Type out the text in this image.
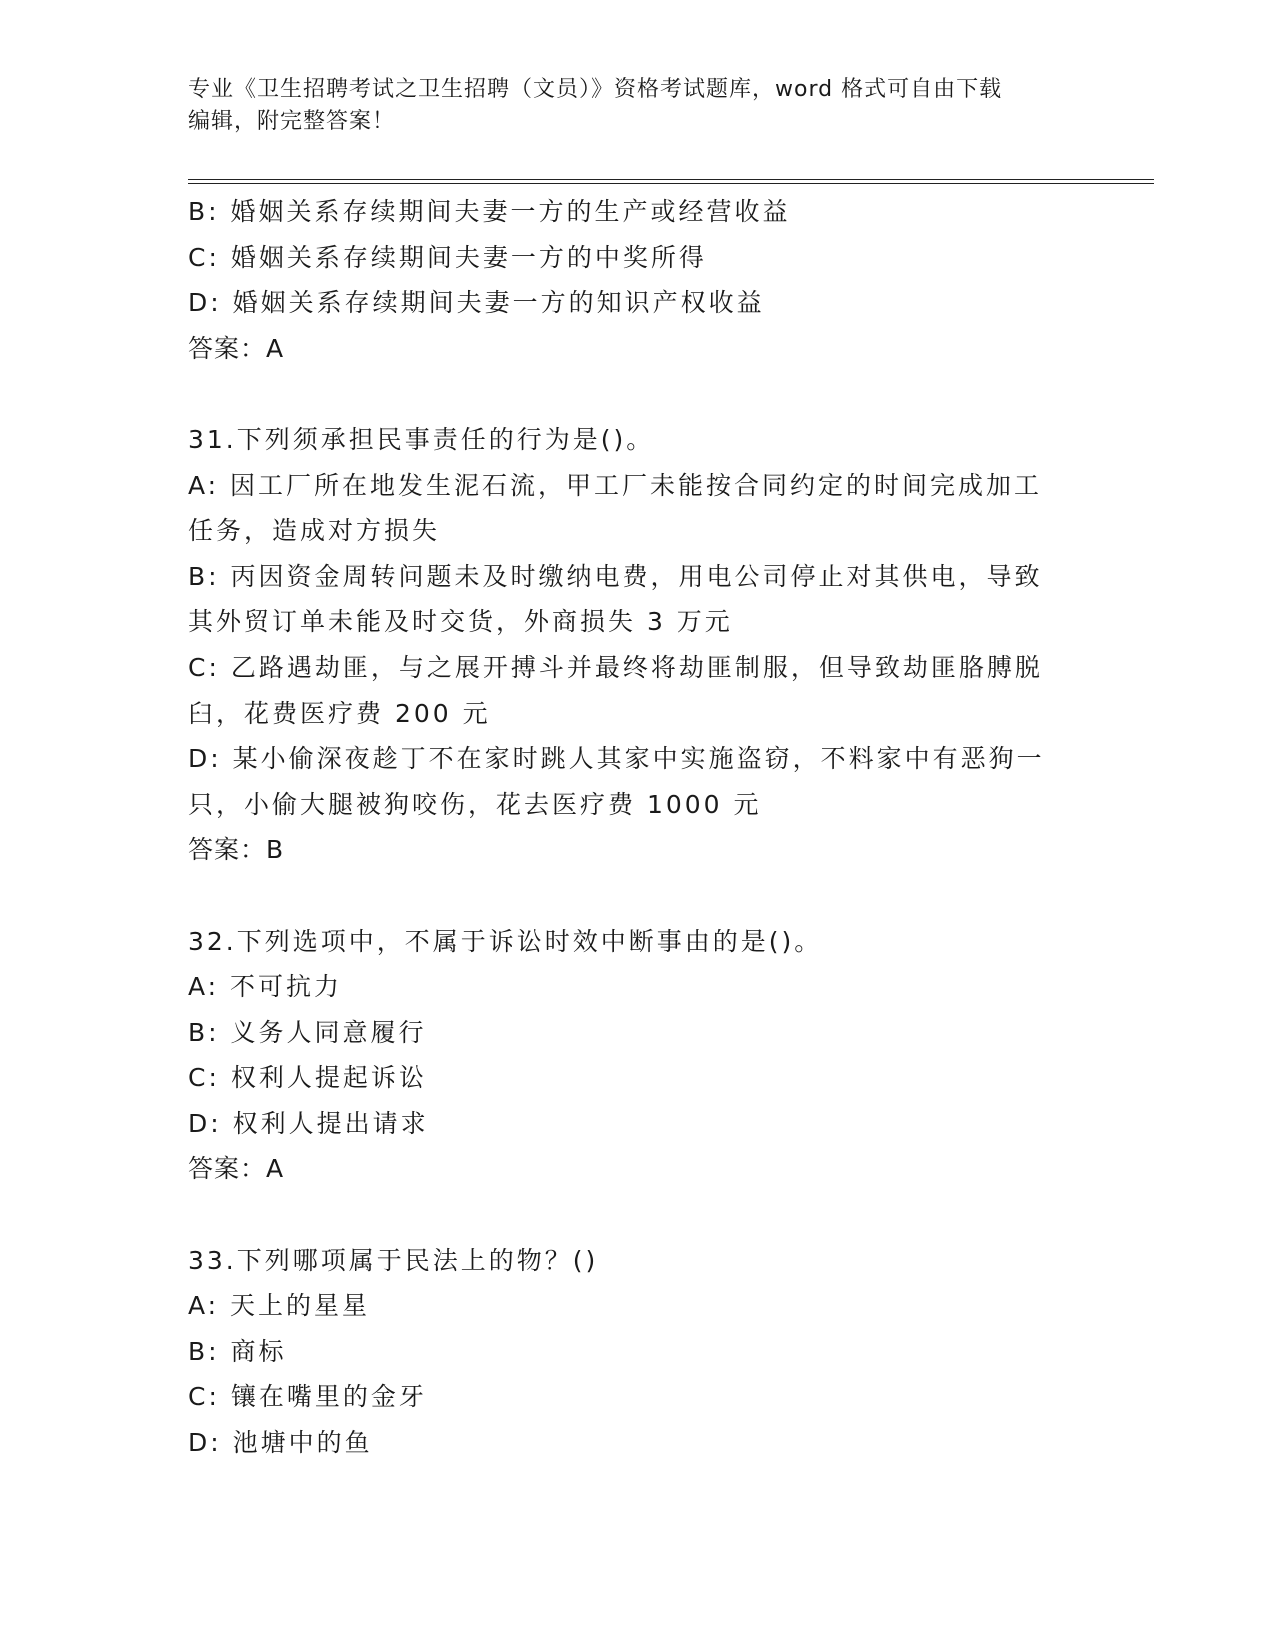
专业《卫生招聘考试之卫生招聘（文员）》资格考试题库，word 格式可自由下载
编辑，附完整答案！
B: 婚姻关系存续期间夫妻一方的生产或经营收益
C: 婚姻关系存续期间夫妻一方的中奖所得
D: 婚姻关系存续期间夫妻一方的知识产权收益
答案：A
31.下列须承担民事责任的行为是()。
A: 因工厂所在地发生泥石流，甲工厂未能按合同约定的时间完成加工
任务，造成对方损失
B: 丙因资金周转问题未及时缴纳电费，用电公司停止对其供电，导致
其外贸订单未能及时交货，外商损失 3 万元
C: 乙路遇劫匪，与之展开搏斗并最终将劫匪制服，但导致劫匪胳膊脱
臼，花费医疗费 200 元
D: 某小偷深夜趁丁不在家时跳人其家中实施盗窃，不料家中有恶狗一
只，小偷大腿被狗咬伤，花去医疗费 1000 元
答案：B
32.下列选项中，不属于诉讼时效中断事由的是()。
A: 不可抗力
B: 义务人同意履行
C: 权利人提起诉讼
D: 权利人提出请求
答案：A
33.下列哪项属于民法上的物？()
A: 天上的星星
B: 商标
C: 镶在嘴里的金牙
D: 池塘中的鱼
